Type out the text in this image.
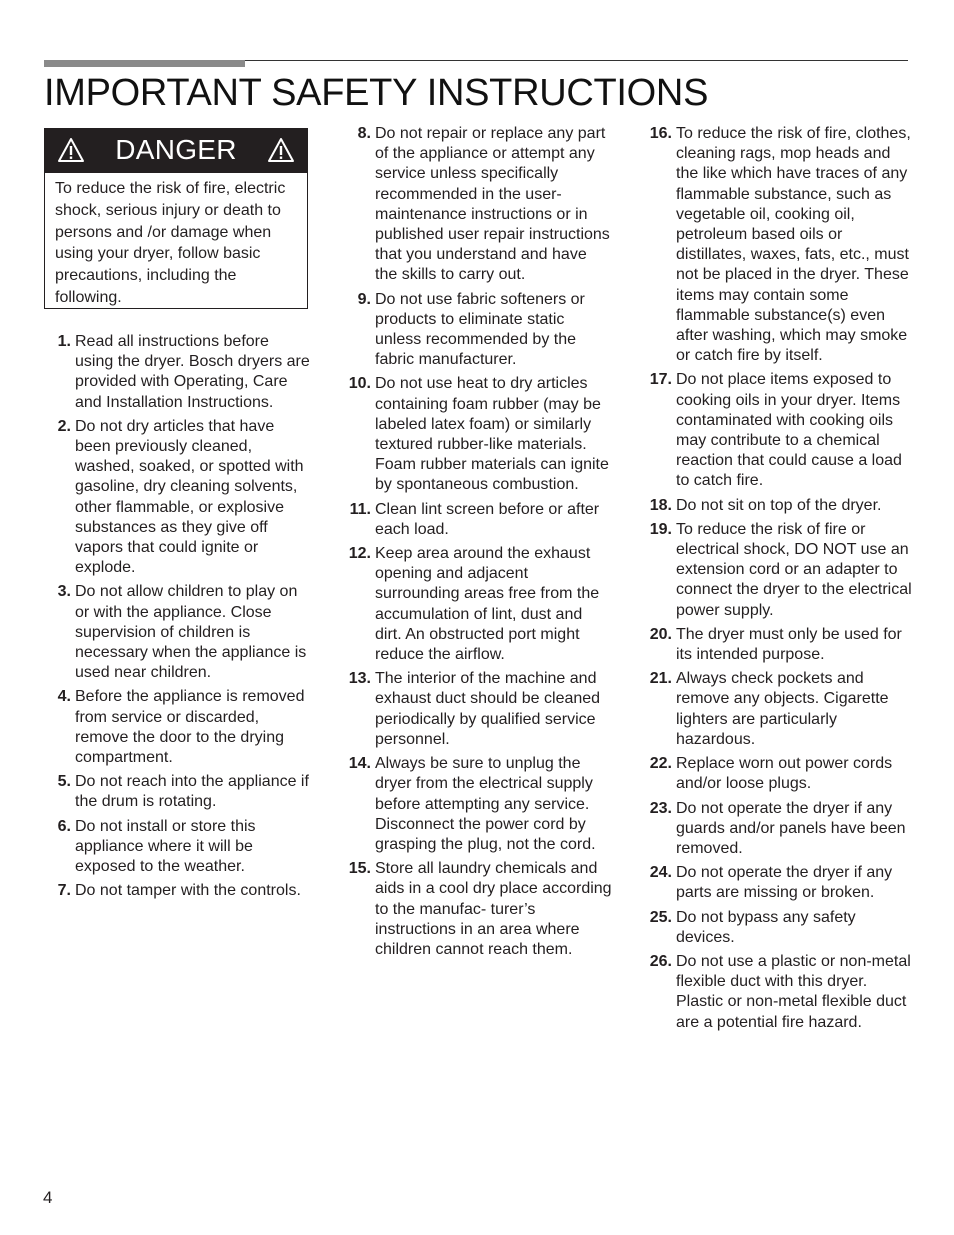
IMPORTANT SAFETY INSTRUCTIONS
DANGER

To reduce the risk of fire, electric shock, serious injury or death to persons and /or damage when using your dryer, follow basic precautions, including the following.

1. Read all instructions before using the dryer. Bosch dryers are provided with Operating, Care and Installation Instructions.
2. Do not dry articles that have been previously cleaned, washed, soaked, or spotted with gasoline, dry cleaning solvents, other flammable, or explosive substances as they give off vapors that could ignite or explode.
3. Do not allow children to play on or with the appliance. Close supervision of children is necessary when the appliance is used near children.
4. Before the appliance is removed from service or discarded, remove the door to the drying compartment.
5. Do not reach into the appliance if the drum is rotating.
6. Do not install or store this appliance where it will be exposed to the weather.
7. Do not tamper with the controls.
8. Do not repair or replace any part of the appliance or attempt any service unless specifically recommended in the user-maintenance instructions or in published user repair instructions that you understand and have the skills to carry out.
9. Do not use fabric softeners or products to eliminate static unless recommended by the fabric manufacturer.
10. Do not use heat to dry articles containing foam rubber (may be labeled latex foam) or similarly textured rubber-like materials. Foam rubber materials can ignite by spontaneous combustion.
11. Clean lint screen before or after each load.
12. Keep area around the exhaust opening and adjacent surrounding areas free from the accumulation of lint, dust and dirt. An obstructed port might reduce the airflow.
13. The interior of the machine and exhaust duct should be cleaned periodically by qualified service personnel.
14. Always be sure to unplug the dryer from the electrical supply before attempting any service. Disconnect the power cord by grasping the plug, not the cord.
15. Store all laundry chemicals and aids in a cool dry place according to the manufac- turer’s instructions in an area where children cannot reach them.
16. To reduce the risk of fire, clothes, cleaning rags, mop heads and the like which have traces of any flammable substance, such as vegetable oil, cooking oil, petroleum based oils or distillates, waxes, fats, etc., must not be placed in the dryer. These items may contain some flammable substance(s) even after washing, which may smoke or catch fire by itself.
17. Do not place items exposed to cooking oils in your dryer. Items contaminated with cooking oils may contribute to a chemical reaction that could cause a load to catch fire.
18. Do not sit on top of the dryer.
19. To reduce the risk of fire or electrical shock, DO NOT use an extension cord or an adapter to connect the dryer to the electrical power supply.
20. The dryer must only be used for its intended purpose.
21. Always check pockets and remove any objects. Cigarette lighters are particularly hazardous.
22. Replace worn out power cords and/or loose plugs.
23. Do not operate the dryer if any guards and/or panels have been removed.
24. Do not operate the dryer if any parts are missing or broken.
25. Do not bypass any safety devices.
26. Do not use a plastic or non-metal flexible duct with this dryer. Plastic or non-metal flexible duct are a potential fire hazard.
4
